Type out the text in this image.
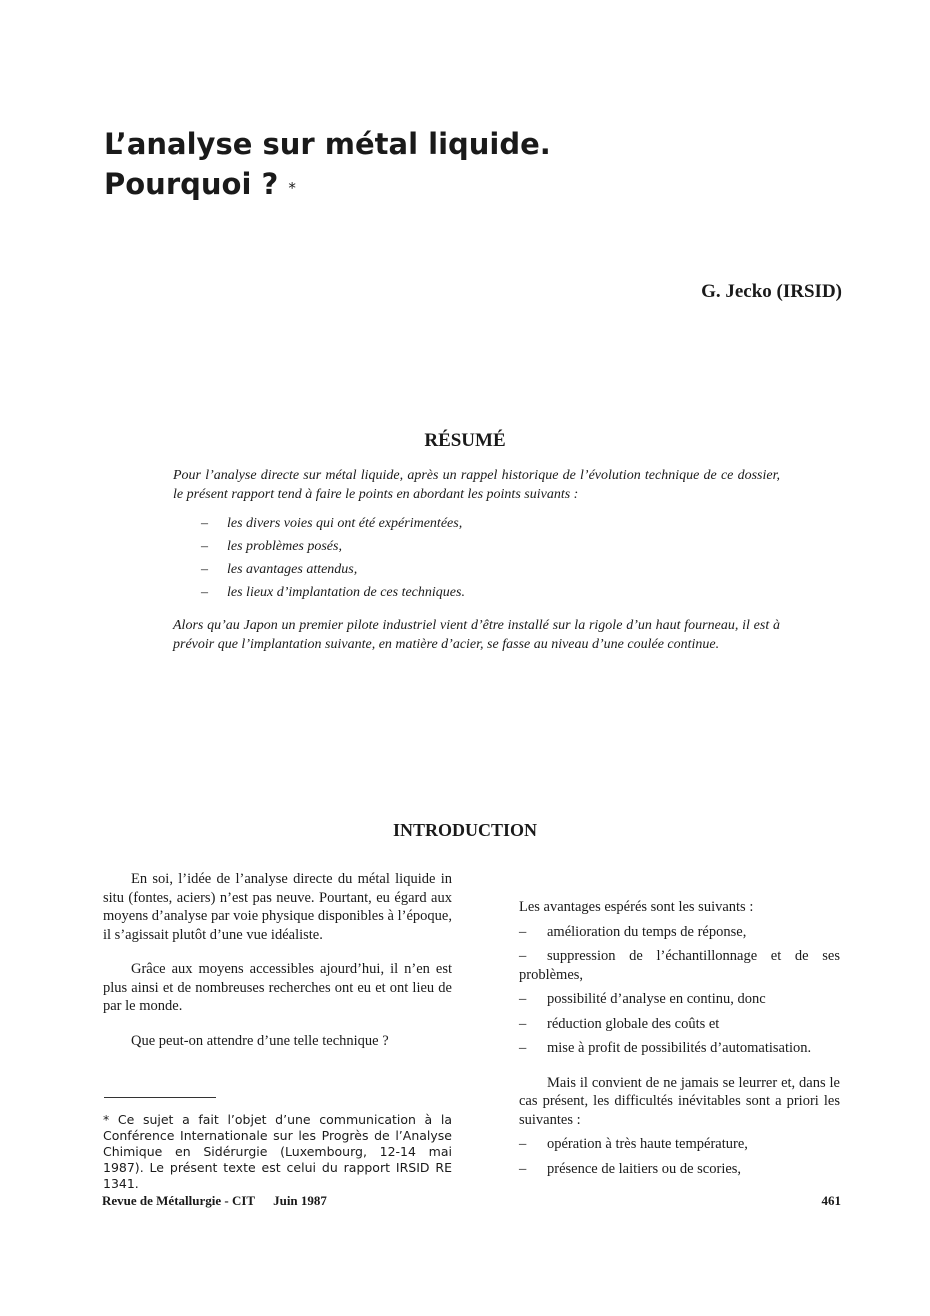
L’analyse sur métal liquide.
Pourquoi ? *
G. Jecko (IRSID)
RÉSUMÉ

Pour l’analyse directe sur métal liquide, après un rappel historique de l’évolution technique de ce dossier, le présent rapport tend à faire le points en abordant les points suivants :

– les divers voies qui ont été expérimentées,
– les problèmes posés,
– les avantages attendus,
– les lieux d’implantation de ces techniques.

Alors qu’au Japon un premier pilote industriel vient d’être installé sur la rigole d’un haut fourneau, il est à prévoir que l’implantation suivante, en matière d’acier, se fasse au niveau d’une coulée continue.

INTRODUCTION

En soi, l’idée de l’analyse directe du métal liquide in situ (fontes, aciers) n’est pas neuve. Pourtant, eu égard aux moyens d’analyse par voie physique disponibles à l’époque, il s’agissait plutôt d’une vue idéaliste.

Grâce aux moyens accessibles ajourd’hui, il n’en est plus ainsi et de nombreuses recherches ont eu et ont lieu de par le monde.

Que peut-on attendre d’une telle technique ?

* Ce sujet a fait l’objet d’une communication à la Conférence Internationale sur les Progrès de l’Analyse Chimique en Sidérurgie (Luxembourg, 12-14 mai 1987). Le présent texte est celui du rapport IRSID RE 1341.

Les avantages espérés sont les suivants :

– amélioration du temps de réponse,
– suppression de l’échantillonnage et de ses problèmes,
– possibilité d’analyse en continu, donc
– réduction globale des coûts et
– mise à profit de possibilités d’automatisation.

Mais il convient de ne jamais se leurrer et, dans le cas présent, les difficultés inévitables sont a priori les suivantes :

– opération à très haute température,
– présence de laitiers ou de scories,
Revue de Métallurgie - CIT Juin 1987	461
